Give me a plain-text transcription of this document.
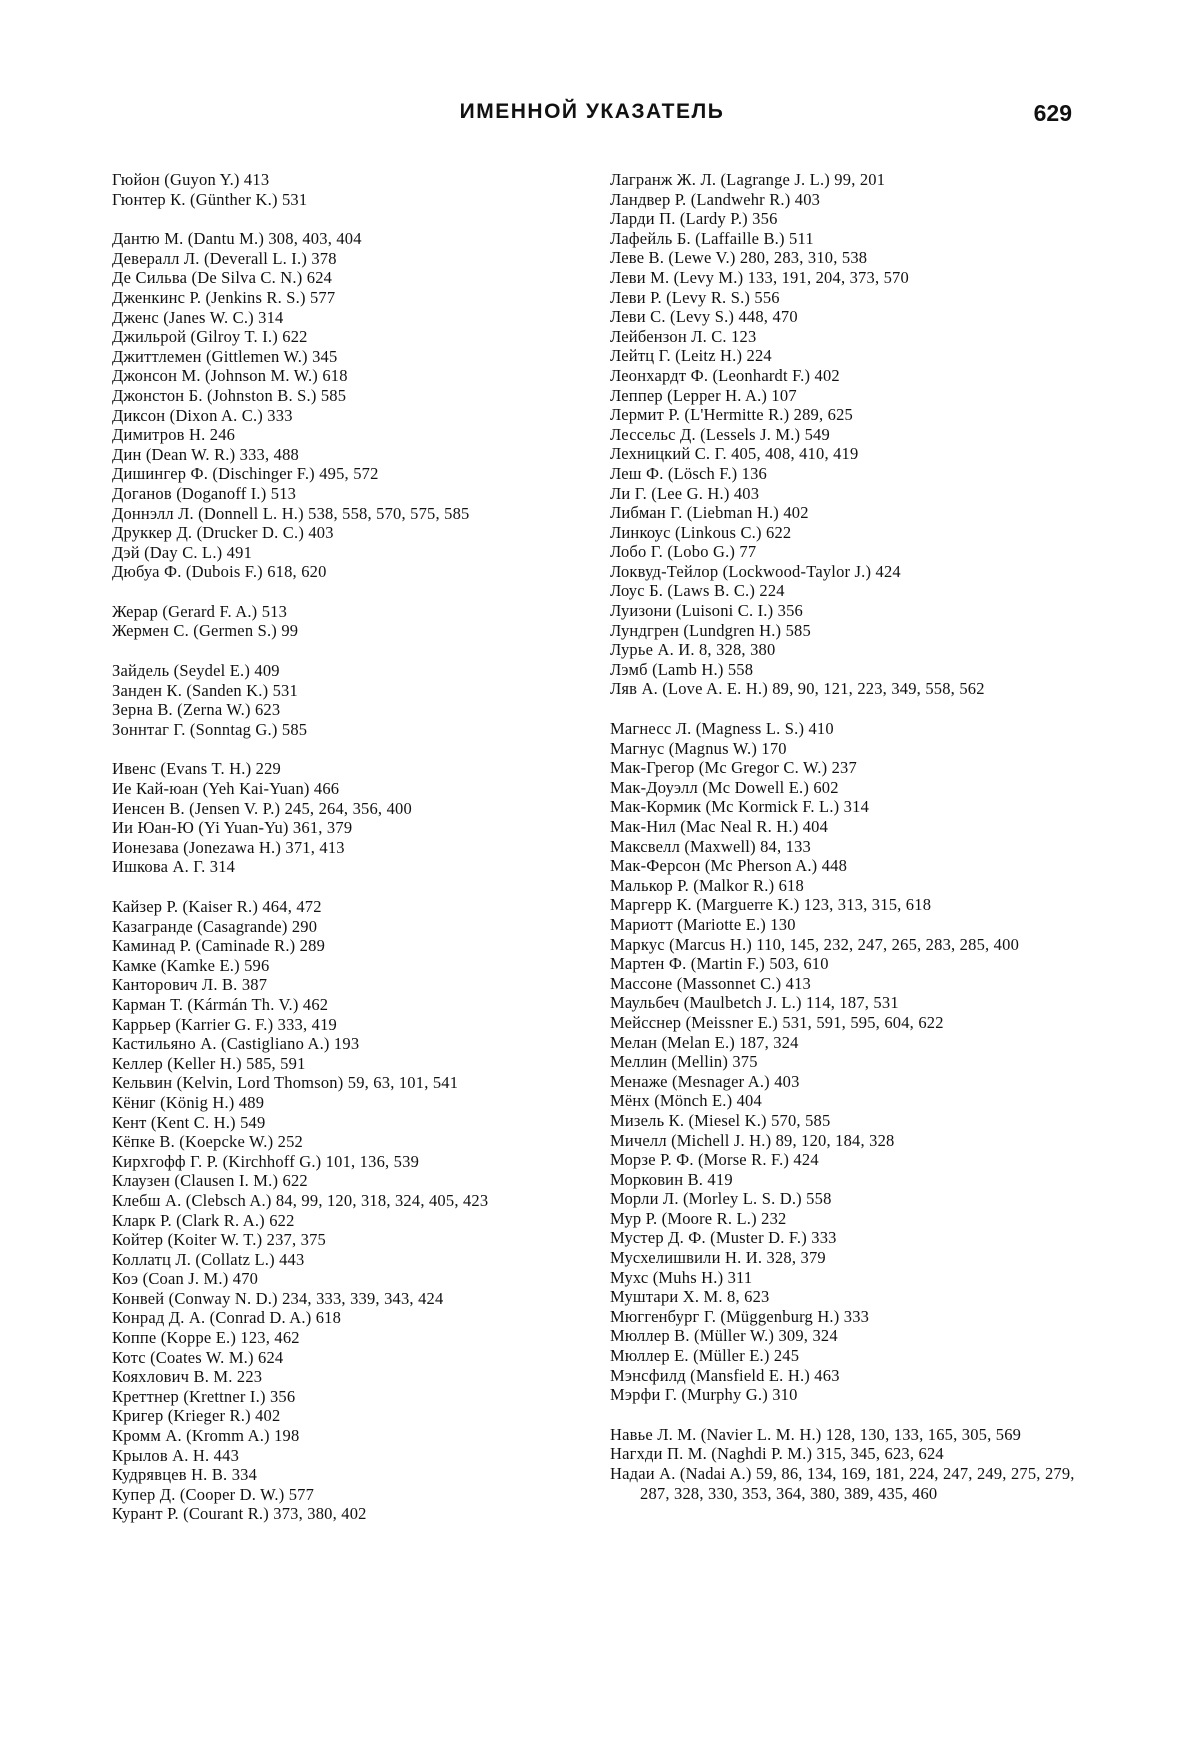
ИМЕННОЙ УКАЗАТЕЛЬ	629
Гюйон (Guyon Y.) 413
Гюнтер К. (Günther K.) 531
Дантю М. (Dantu M.) 308, 403, 404
Девералл Л. (Deverall L. I.) 378
Де Сильва (De Silva C. N.) 624
Дженкинс Р. (Jenkins R. S.) 577
Дженс (Janes W. C.) 314
Джильрой (Gilroy T. I.) 622
Джиттлемен (Gittlemen W.) 345
Джонсон М. (Johnson M. W.) 618
Джонстон Б. (Johnston B. S.) 585
Диксон (Dixon A. C.) 333
Димитров Н. 246
Дин (Dean W. R.) 333, 488
Дишингер Ф. (Dischinger F.) 495, 572
Доганов (Doganoff I.) 513
Доннэлл Л. (Donnell L. H.) 538, 558, 570, 575, 585
Друккер Д. (Drucker D. C.) 403
Дэй (Day C. L.) 491
Дюбуа Ф. (Dubois F.) 618, 620
Жерар (Gerard F. A.) 513
Жермен С. (Germen S.) 99
Зайдель (Seydel E.) 409
Занден К. (Sanden K.) 531
Зерна В. (Zerna W.) 623
Зоннтаг Г. (Sonntag G.) 585
Ивенс (Evans T. H.) 229
Ие Кай-юан (Yeh Kai-Yuan) 466
Иенсен В. (Jensen V. P.) 245, 264, 356, 400
Ии Юан-Ю (Yi Yuan-Yu) 361, 379
Ионезава (Jonezawa H.) 371, 413
Ишкова А. Г. 314
Кайзер Р. (Kaiser R.) 464, 472
Казагранде (Casagrande) 290
Каминад Р. (Caminade R.) 289
Камке (Kamke E.) 596
Канторович Л. В. 387
Карман Т. (Kármán Th. V.) 462
Каррьер (Karrier G. F.) 333, 419
Кастильяно А. (Castigliano A.) 193
Келлер (Keller H.) 585, 591
Кельвин (Kelvin, Lord Thomson) 59, 63, 101, 541
Кёниг (König H.) 489
Кент (Kent C. H.) 549
Кёпке В. (Koepcke W.) 252
Кирхгофф Г. Р. (Kirchhoff G.) 101, 136, 539
Клаузен (Clausen I. M.) 622
Клебш А. (Clebsch A.) 84, 99, 120, 318, 324, 405, 423
Кларк Р. (Clark R. A.) 622
Койтер (Koiter W. T.) 237, 375
Коллатц Л. (Collatz L.) 443
Коэ (Coan J. M.) 470
Конвей (Conway N. D.) 234, 333, 339, 343, 424
Конрад Д. А. (Conrad D. A.) 618
Коппе (Koppe E.) 123, 462
Котс (Coates W. M.) 624
Кояхлович В. М. 223
Креттнер (Krettner I.) 356
Кригер (Krieger R.) 402
Кромм А. (Kromm A.) 198
Крылов А. Н. 443
Кудрявцев Н. В. 334
Купер Д. (Cooper D. W.) 577
Курант Р. (Courant R.) 373, 380, 402
Лагранж Ж. Л. (Lagrange J. L.) 99, 201
Ландвер Р. (Landwehr R.) 403
Ларди П. (Lardy P.) 356
Лафейль Б. (Laffaille B.) 511
Леве В. (Lewe V.) 280, 283, 310, 538
Леви М. (Levy M.) 133, 191, 204, 373, 570
Леви Р. (Levy R. S.) 556
Леви С. (Levy S.) 448, 470
Лейбензон Л. С. 123
Лейтц Г. (Leitz H.) 224
Леонхардт Ф. (Leonhardt F.) 402
Леппер (Lepper H. A.) 107
Лермит Р. (L'Hermitte R.) 289, 625
Лессельс Д. (Lessels J. M.) 549
Лехницкий С. Г. 405, 408, 410, 419
Леш Ф. (Lösch F.) 136
Ли Г. (Lee G. H.) 403
Либман Г. (Liebman H.) 402
Линкоус (Linkous C.) 622
Лобо Г. (Lobo G.) 77
Локвуд-Тейлор (Lockwood-Taylor J.) 424
Лоус Б. (Laws B. C.) 224
Луизони (Luisoni C. I.) 356
Лундгрен (Lundgren H.) 585
Лурье А. И. 8, 328, 380
Лэмб (Lamb H.) 558
Ляв А. (Love A. E. H.) 89, 90, 121, 223, 349, 558, 562
Магнесс Л. (Magness L. S.) 410
Магнус (Magnus W.) 170
Мак-Грегор (Mc Gregor C. W.) 237
Мак-Доуэлл (Mc Dowell E.) 602
Мак-Кормик (Mc Kormick F. L.) 314
Мак-Нил (Mac Neal R. H.) 404
Максвелл (Maxwell) 84, 133
Мак-Ферсон (Mc Pherson A.) 448
Малькор Р. (Malkor R.) 618
Маргерр К. (Marguerre K.) 123, 313, 315, 618
Мариотт (Mariotte E.) 130
Маркус (Marcus H.) 110, 145, 232, 247, 265, 283, 285, 400
Мартен Ф. (Martin F.) 503, 610
Массоне (Massonnet C.) 413
Маульбеч (Maulbetch J. L.) 114, 187, 531
Мейсснер (Meissner E.) 531, 591, 595, 604, 622
Мелан (Melan E.) 187, 324
Меллин (Mellin) 375
Менаже (Mesnager A.) 403
Мёнх (Mönch E.) 404
Мизель К. (Miesel K.) 570, 585
Мичелл (Michell J. H.) 89, 120, 184, 328
Морзе Р. Ф. (Morse R. F.) 424
Морковин В. 419
Морли Л. (Morley L. S. D.) 558
Мур Р. (Moore R. L.) 232
Мустер Д. Ф. (Muster D. F.) 333
Мусхелишвили Н. И. 328, 379
Мухс (Muhs H.) 311
Муштари Х. М. 8, 623
Мюггенбург Г. (Müggenburg H.) 333
Мюллер В. (Müller W.) 309, 324
Мюллер Е. (Müller E.) 245
Мэнсфилд (Mansfield E. H.) 463
Мэрфи Г. (Murphy G.) 310
Навье Л. М. (Navier L. M. H.) 128, 130, 133, 165, 305, 569
Нагхди П. М. (Naghdi P. M.) 315, 345, 623, 624
Надаи А. (Nadai A.) 59, 86, 134, 169, 181, 224, 247, 249, 275, 279, 287, 328, 330, 353, 364, 380, 389, 435, 460
